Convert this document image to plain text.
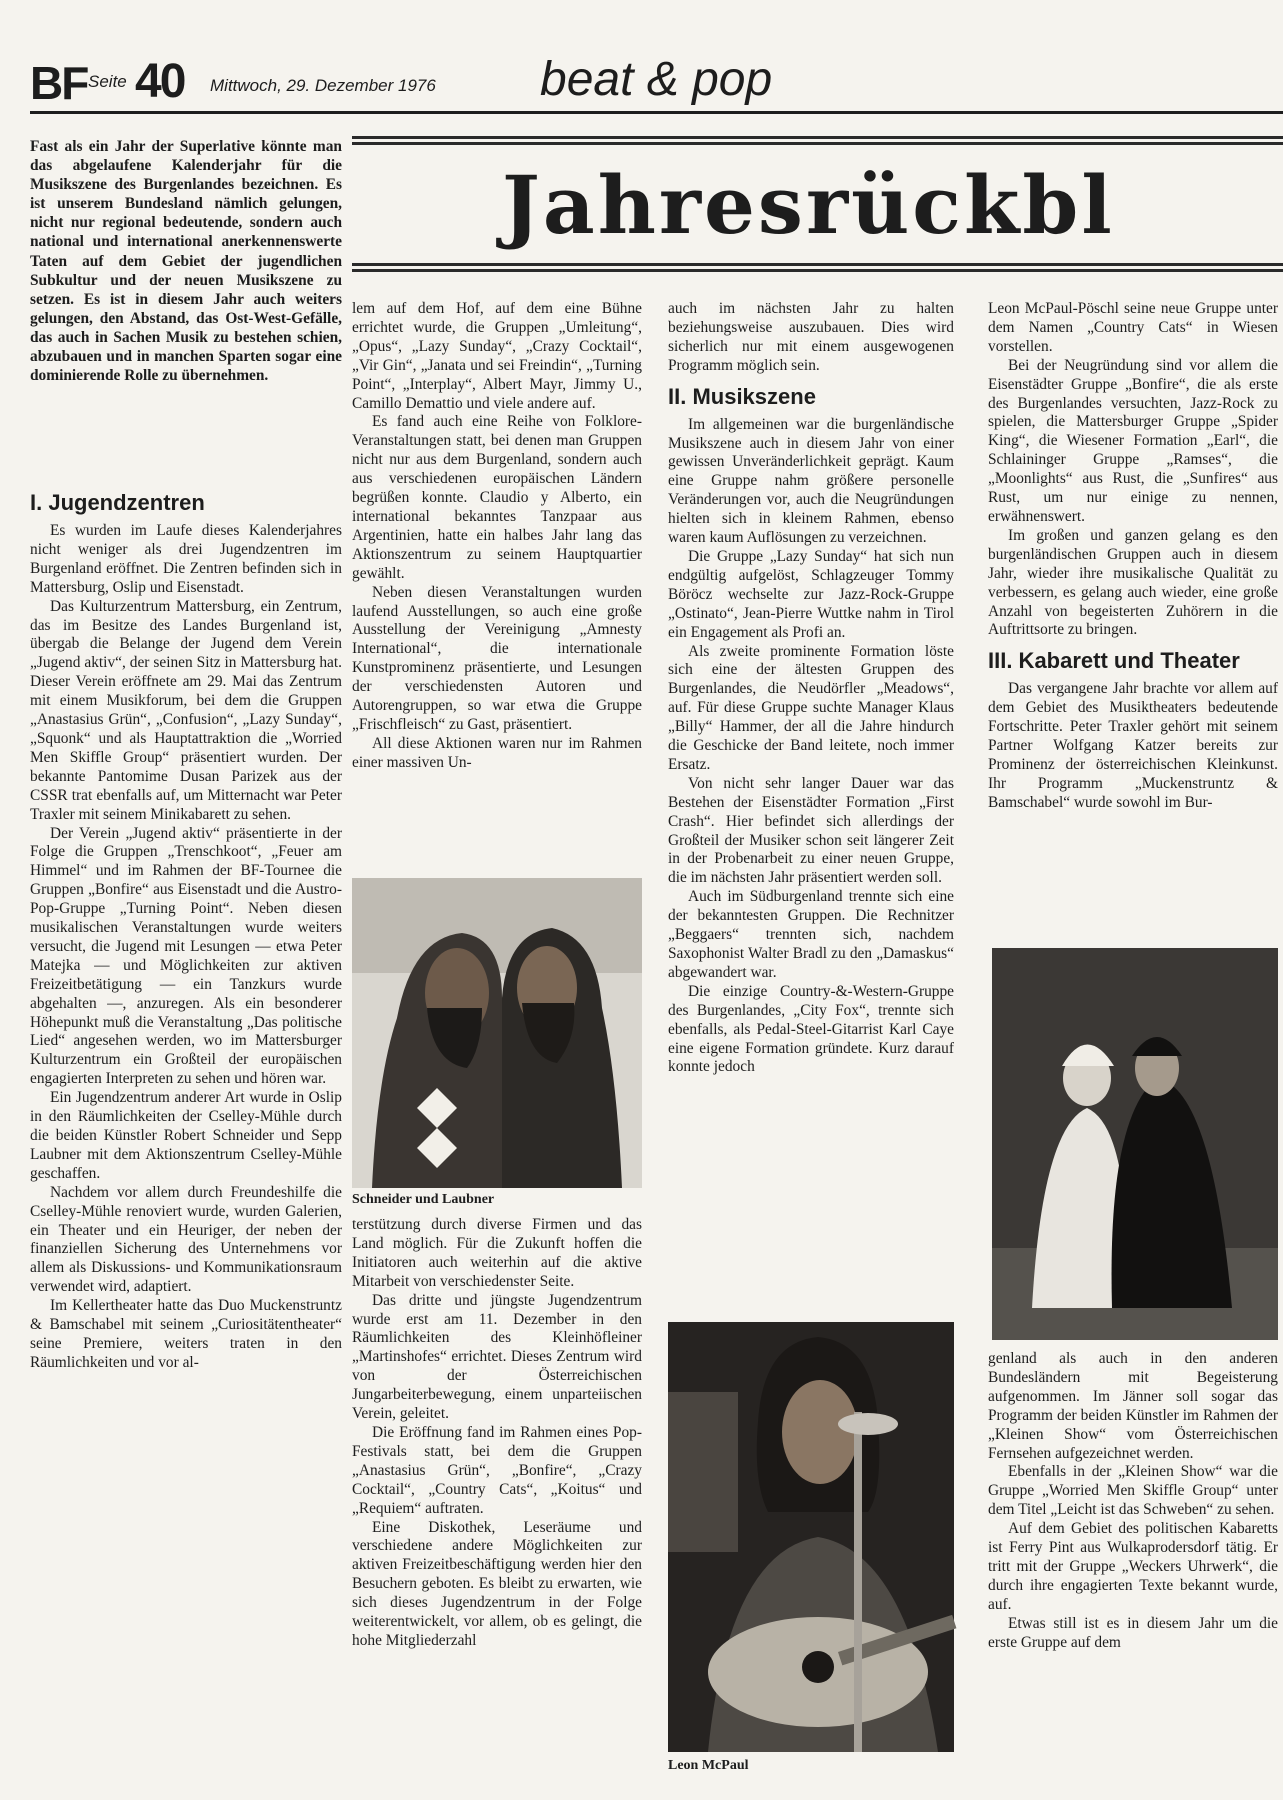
BF Seite 40 Mittwoch, 29. Dezember 1976 beat & pop

Fast als ein Jahr der Superlative könnte man das abgelaufene Kalenderjahr für die Musikszene des Burgenlandes bezeichnen. Es ist unserem Bundesland nämlich gelungen, nicht nur regional bedeutende, sondern auch national und international anerkennenswerte Taten auf dem Gebiet der jugendlichen Subkultur und der neuen Musikszene zu setzen. Es ist in diesem Jahr auch weiters gelungen, den Abstand, das Ost-West-Gefälle, das auch in Sachen Musik zu bestehen schien, abzubauen und in manchen Sparten sogar eine dominierende Rolle zu übernehmen.

Jahresrückbl
I. Jugendzentren

Es wurden im Laufe dieses Kalenderjahres nicht weniger als drei Jugendzentren im Burgenland eröffnet. Die Zentren befinden sich in Mattersburg, Oslip und Eisenstadt.

Das Kulturzentrum Mattersburg, ein Zentrum, das im Besitze des Landes Burgenland ist, übergab die Belange der Jugend dem Verein „Jugend aktiv“, der seinen Sitz in Mattersburg hat. Dieser Verein eröffnete am 29. Mai das Zentrum mit einem Musikforum, bei dem die Gruppen „Anastasius Grün“, „Confusion“, „Lazy Sunday“, „Squonk“ und als Hauptattraktion die „Worried Men Skiffle Group“ präsentiert wurden. Der bekannte Pantomime Dusan Parizek aus der CSSR trat ebenfalls auf, um Mitternacht war Peter Traxler mit seinem Minikabarett zu sehen.

Der Verein „Jugend aktiv“ präsentierte in der Folge die Gruppen „Trenschkoot“, „Feuer am Himmel“ und im Rahmen der BF-Tournee die Gruppen „Bonfire“ aus Eisenstadt und die Austro-Pop-Gruppe „Turning Point“. Neben diesen musikalischen Veranstaltungen wurde weiters versucht, die Jugend mit Lesungen — etwa Peter Matejka — und Möglichkeiten zur aktiven Freizeitbetätigung — ein Tanzkurs wurde abgehalten —, anzuregen. Als ein besonderer Höhepunkt muß die Veranstaltung „Das politische Lied“ angesehen werden, wo im Mattersburger Kulturzentrum ein Großteil der europäischen engagierten Interpreten zu sehen und hören war.

Ein Jugendzentrum anderer Art wurde in Oslip in den Räumlichkeiten der Cselley-Mühle durch die beiden Künstler Robert Schneider und Sepp Laubner mit dem Aktionszentrum Cselley-Mühle geschaffen.

Nachdem vor allem durch Freundeshilfe die Cselley-Mühle renoviert wurde, wurden Galerien, ein Theater und ein Heuriger, der neben der finanziellen Sicherung des Unternehmens vor allem als Diskussions- und Kommunikationsraum verwendet wird, adaptiert.

Im Kellertheater hatte das Duo Muckenstruntz & Bamschabel mit seinem „Curiositätentheater“ seine Premiere, weiters traten in den Räumlichkeiten und vor al-

lem auf dem Hof, auf dem eine Bühne errichtet wurde, die Gruppen „Umleitung“, „Opus“, „Lazy Sunday“, „Crazy Cocktail“, „Vir Gin“, „Janata und sei Freindin“, „Turning Point“, „Interplay“, Albert Mayr, Jimmy U., Camillo Demattio und viele andere auf.

Es fand auch eine Reihe von Folklore-Veranstaltungen statt, bei denen man Gruppen nicht nur aus dem Burgenland, sondern auch aus verschiedenen europäischen Ländern begrüßen konnte. Claudio y Alberto, ein international bekanntes Tanzpaar aus Argentinien, hatte ein halbes Jahr lang das Aktionszentrum zu seinem Hauptquartier gewählt.

Neben diesen Veranstaltungen wurden laufend Ausstellungen, so auch eine große Ausstellung der Vereinigung „Amnesty International“, die internationale Kunstprominenz präsentierte, und Lesungen der verschiedensten Autoren und Autorengruppen, so war etwa die Gruppe „Frischfleisch“ zu Gast, präsentiert.

All diese Aktionen waren nur im Rahmen einer massiven Un-

Schneider und Laubner

terstützung durch diverse Firmen und das Land möglich. Für die Zukunft hoffen die Initiatoren auch weiterhin auf die aktive Mitarbeit von verschiedenster Seite.

Das dritte und jüngste Jugendzentrum wurde erst am 11. Dezember in den Räumlichkeiten des Kleinhöfleiner „Martinshofes“ errichtet. Dieses Zentrum wird von der Österreichischen Jungarbeiterbewegung, einem unparteiischen Verein, geleitet.

Die Eröffnung fand im Rahmen eines Pop-Festivals statt, bei dem die Gruppen „Anastasius Grün“, „Bonfire“, „Crazy Cocktail“, „Country Cats“, „Koitus“ und „Requiem“ auftraten.

Eine Diskothek, Leseräume und verschiedene andere Möglichkeiten zur aktiven Freizeitbeschäftigung werden hier den Besuchern geboten. Es bleibt zu erwarten, wie sich dieses Jugendzentrum in der Folge weiterentwickelt, vor allem, ob es gelingt, die hohe Mitgliederzahl

auch im nächsten Jahr zu halten beziehungsweise auszubauen. Dies wird sicherlich nur mit einem ausgewogenen Programm möglich sein.

II. Musikszene

Im allgemeinen war die burgenländische Musikszene auch in diesem Jahr von einer gewissen Unveränderlichkeit geprägt. Kaum eine Gruppe nahm größere personelle Veränderungen vor, auch die Neugründungen hielten sich in kleinem Rahmen, ebenso waren kaum Auflösungen zu verzeichnen.

Die Gruppe „Lazy Sunday“ hat sich nun endgültig aufgelöst, Schlagzeuger Tommy Böröcz wechselte zur Jazz-Rock-Gruppe „Ostinato“, Jean-Pierre Wuttke nahm in Tirol ein Engagement als Profi an.

Als zweite prominente Formation löste sich eine der ältesten Gruppen des Burgenlandes, die Neudörfler „Meadows“, auf. Für diese Gruppe suchte Manager Klaus „Billy“ Hammer, der all die Jahre hindurch die Geschicke der Band leitete, noch immer Ersatz.

Von nicht sehr langer Dauer war das Bestehen der Eisenstädter Formation „First Crash“. Hier befindet sich allerdings der Großteil der Musiker schon seit längerer Zeit in der Probenarbeit zu einer neuen Gruppe, die im nächsten Jahr präsentiert werden soll.

Auch im Südburgenland trennte sich eine der bekanntesten Gruppen. Die Rechnitzer „Beggaers“ trennten sich, nachdem Saxophonist Walter Bradl zu den „Damaskus“ abgewandert war.

Die einzige Country-&-Western-Gruppe des Burgenlandes, „City Fox“, trennte sich ebenfalls, als Pedal-Steel-Gitarrist Karl Caye eine eigene Formation gründete. Kurz darauf konnte jedoch

Leon McPaul

Leon McPaul-Pöschl seine neue Gruppe unter dem Namen „Country Cats“ in Wiesen vorstellen.

Bei der Neugründung sind vor allem die Eisenstädter Gruppe „Bonfire“, die als erste des Burgenlandes versuchten, Jazz-Rock zu spielen, die Mattersburger Gruppe „Spider King“, die Wiesener Formation „Earl“, die Schlaininger Gruppe „Ramses“, die „Moonlights“ aus Rust, die „Sunfires“ aus Rust, um nur einige zu nennen, erwähnenswert.

Im großen und ganzen gelang es den burgenländischen Gruppen auch in diesem Jahr, wieder ihre musikalische Qualität zu verbessern, es gelang auch wieder, eine große Anzahl von begeisterten Zuhörern in die Auftrittsorte zu bringen.

III. Kabarett und Theater

Das vergangene Jahr brachte vor allem auf dem Gebiet des Musiktheaters bedeutende Fortschritte. Peter Traxler gehört mit seinem Partner Wolfgang Katzer bereits zur Prominenz der österreichischen Kleinkunst. Ihr Programm „Muckenstruntz & Bamschabel“ wurde sowohl im Bur-

genland als auch in den anderen Bundesländern mit Begeisterung aufgenommen. Im Jänner soll sogar das Programm der beiden Künstler im Rahmen der „Kleinen Show“ vom Österreichischen Fernsehen aufgezeichnet werden.

Ebenfalls in der „Kleinen Show“ war die Gruppe „Worried Men Skiffle Group“ unter dem Titel „Leicht ist das Schweben“ zu sehen.

Auf dem Gebiet des politischen Kabaretts ist Ferry Pint aus Wulkaprodersdorf tätig. Er tritt mit der Gruppe „Weckers Uhrwerk“, die durch ihre engagierten Texte bekannt wurde, auf.

Etwas still ist es in diesem Jahr um die erste Gruppe auf dem
